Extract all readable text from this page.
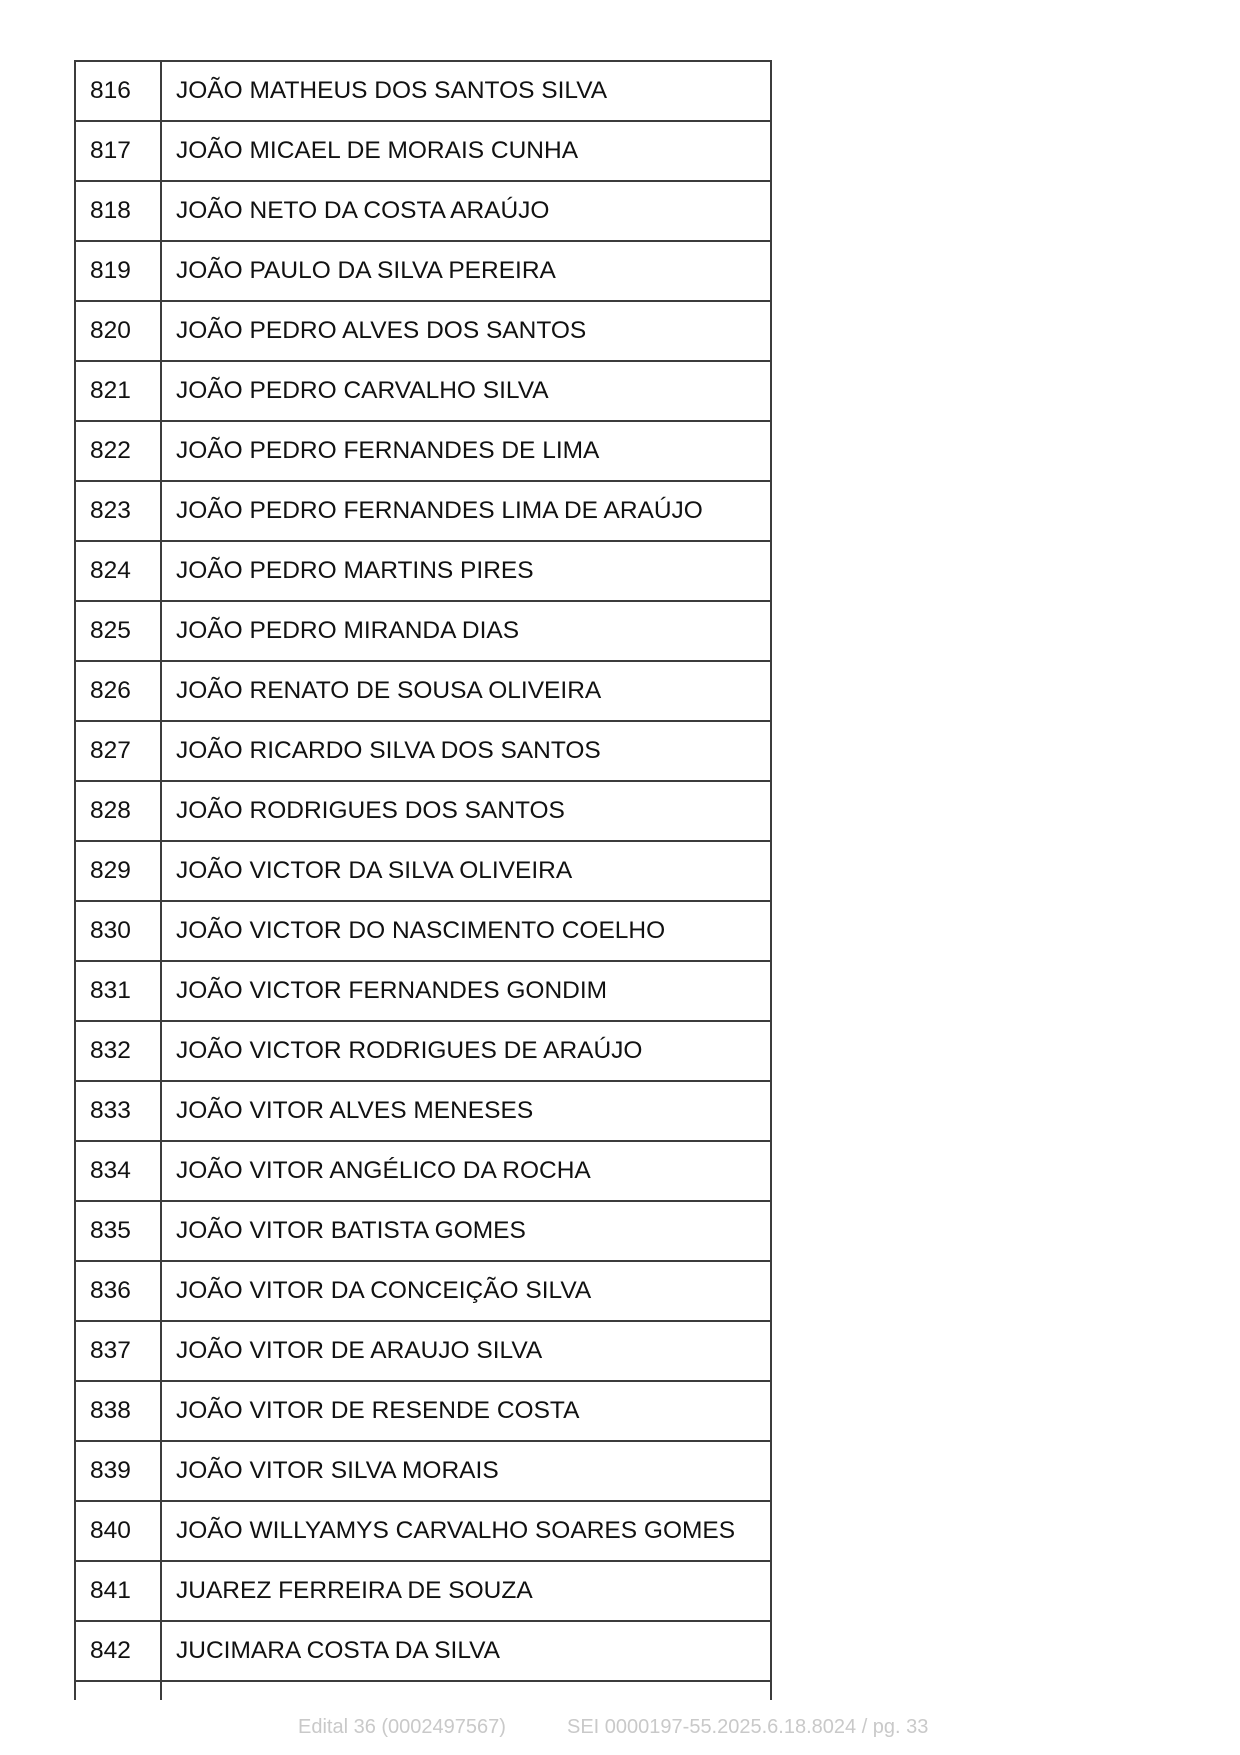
816	JOÃO MATHEUS DOS SANTOS SILVA
817	JOÃO MICAEL DE MORAIS CUNHA
818	JOÃO NETO DA COSTA ARAÚJO
819	JOÃO PAULO DA SILVA PEREIRA
820	JOÃO PEDRO ALVES DOS SANTOS
821	JOÃO PEDRO CARVALHO SILVA
822	JOÃO PEDRO FERNANDES DE LIMA
823	JOÃO PEDRO FERNANDES LIMA DE ARAÚJO
824	JOÃO PEDRO MARTINS PIRES
825	JOÃO PEDRO MIRANDA DIAS
826	JOÃO RENATO DE SOUSA OLIVEIRA
827	JOÃO RICARDO SILVA DOS SANTOS
828	JOÃO RODRIGUES DOS SANTOS
829	JOÃO VICTOR DA SILVA OLIVEIRA
830	JOÃO VICTOR DO NASCIMENTO COELHO
831	JOÃO VICTOR FERNANDES GONDIM
832	JOÃO VICTOR RODRIGUES DE ARAÚJO
833	JOÃO VITOR ALVES MENESES
834	JOÃO VITOR ANGÉLICO DA ROCHA
835	JOÃO VITOR BATISTA GOMES
836	JOÃO VITOR DA CONCEIÇÃO SILVA
837	JOÃO VITOR DE ARAUJO SILVA
838	JOÃO VITOR DE RESENDE COSTA
839	JOÃO VITOR SILVA MORAIS
840	JOÃO WILLYAMYS CARVALHO SOARES GOMES
841	JUAREZ FERREIRA DE SOUZA
842	JUCIMARA COSTA DA SILVA

Edital 36 (0002497567)	SEI 0000197-55.2025.6.18.8024 / pg. 33
